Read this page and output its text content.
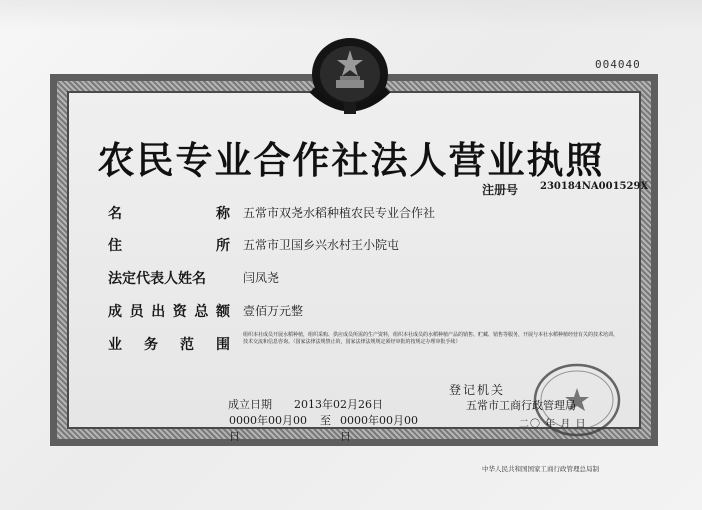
004040
农民专业合作社法人营业执照
注册号	230184NA001529X
名称 五常市双尧水稻种植农民专业合作社
住所 五常市卫国乡兴水村王小院屯
法定代表人姓名	闫凤尧
成员出资总额 壹佰万元整
业务范围
组织本社成员开展水稻种植，组织采购、供应成员所需的生产资料，组织本社成员的水稻种植产品的销售、贮藏、销售等服务，开展与本社水稻种植经营有关的技术培训、技术交流和信息咨询。（国家法律法规禁止的，国家法律法规规定须经审批的按规定办理审批手续）
成立日期	2013年02月26日
0000年00月00日
至 0000年00月00日
登记机关
五常市工商行政管理局
二〇 年 月 日
中华人民共和国国家工商行政管理总局制
